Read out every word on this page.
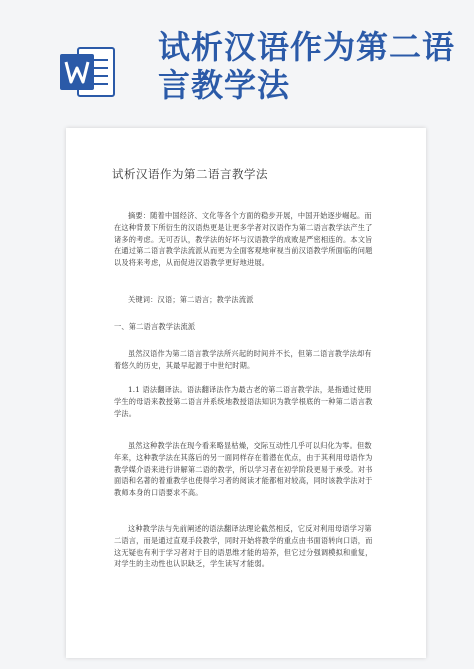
试析汉语作为第二语言教学法
试析汉语作为第二语言教学法
摘要：随着中国经济、文化等各个方面的稳步开展，中国开始逐步崛起。而在这种背景下所衍生的汉语热更是让更多学者对汉语作为第二语言教学法产生了诸多的考虑。无可否认，教学法的好坏与汉语教学的成败是严密相连的。本文旨在通过第二语言教学法流派从而更为全面客观地审视当前汉语教学所面临的问题以及将来考虑，从而促进汉语教学更好地进展。
关键词：汉语；第二语言；教学法流派
一、第二语言教学法流派
虽然汉语作为第二语言教学法所兴起的时间并不长，但第二语言教学法却有着悠久的历史，其最早起源于中世纪时期。
1.1 语法翻译法。语法翻译法作为最古老的第二语言教学法，是指通过使用学生的母语来教授第二语言并系统地教授语法知识为教学根底的一种第二语言教学法。
虽然这种教学法在现今看来略显枯燥，交际互动性几乎可以归化为零。但数年来，这种教学法在其落后的另一面同样存在着潜在优点，由于其利用母语作为教学媒介语来进行讲解第二语的教学，所以学习者在初学阶段更易于承受。对书面语和名著的着重教学也使得学习者的阅读才能都相对较高，同时该教学法对于教师本身的口语要求不高。
这种教学法与先前阐述的语法翻译法理论截然相反，它反对利用母语学习第二语言，而是通过直观手段教学，同时开始将教学的重点由书面语转向口语，而这无疑也有利于学习者对于目的语思维才能的培养，但它过分强调模拟和重复，对学生的主动性也认识缺乏，学生读写才能弱。
